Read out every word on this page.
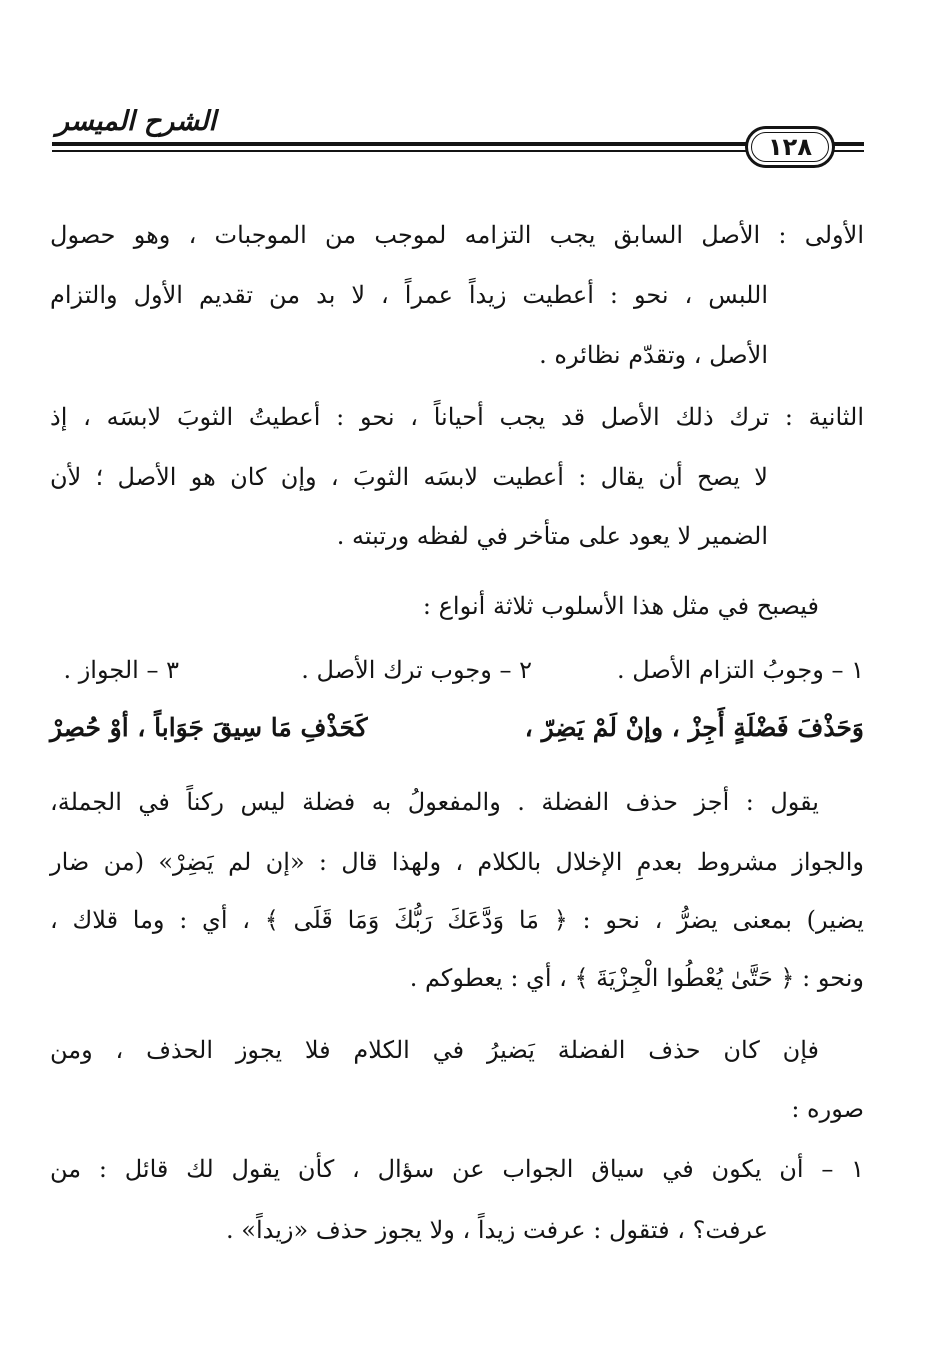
الشرح الميسر
١٢٨
الأولى : الأصل السابق يجب التزامه لموجب من الموجبات ، وهو حصول
اللبس ، نحو : أعطيت زيداً عمراً ، لا بد من تقديم الأول والتزام
الأصل ، وتقدّم نظائره .
الثانية : ترك ذلك الأصل قد يجب أحياناً ، نحو : أعطيتُ الثوبَ لابسَه ، إذ
لا يصح أن يقال : أعطيت لابسَه الثوبَ ، وإن كان هو الأصل ؛ لأن
الضمير لا يعود على متأخر في لفظه ورتبته .
فيصبح في مثل هذا الأسلوب ثلاثة أنواع :
١ – وجوبُ التزام الأصل .
٢ – وجوب ترك الأصل .
٣ – الجواز .
وَحَذْفَ فَضْلَةٍ أَجِزْ ، وإنْ لَمْ يَضِرّ ،
كَحَذْفِ مَا سِيقَ جَوَاباً ، أوْ حُصِرْ
يقول : أجز حذف الفضلة . والمفعولُ به فضلة ليس ركناً في الجملة،
والجواز مشروط بعدمِ الإخلال بالكلام ، ولهذا قال : «إن لم يَضِرْ» (من ضار
يضير) بمعنى يضرُّ ، نحو : ﴿ مَا وَدَّعَكَ رَبُّكَ وَمَا قَلَى ﴾ ، أي : وما قلاك ،
ونحو : ﴿ حَتَّىٰ يُعْطُوا الْجِزْيَةَ ﴾ ، أي : يعطوكم .
فإن كان حذف الفضلة يَضيرُ في الكلام فلا يجوز الحذف ، ومن
صوره :
١ – أن يكون في سياق الجواب عن سؤال ، كأن يقول لك قائل : من
عرفت؟ ، فتقول : عرفت زيداً ، ولا يجوز حذف «زيداً» .
